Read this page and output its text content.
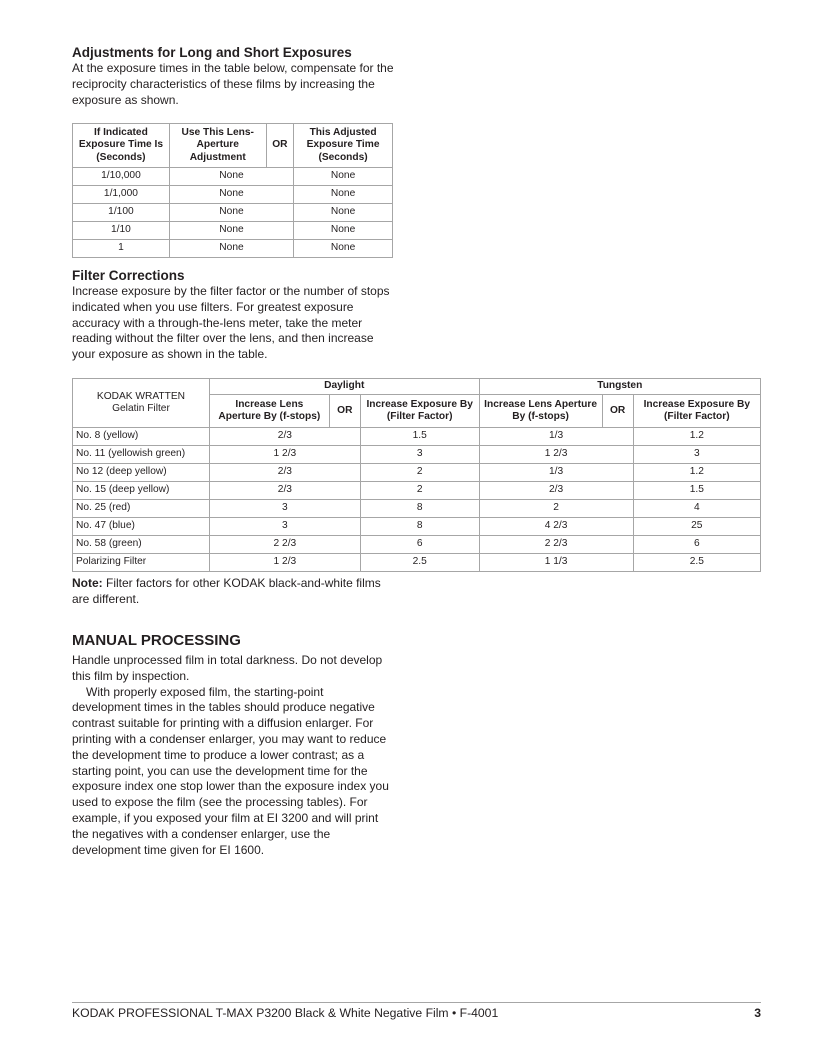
Adjustments for Long and Short Exposures

At the exposure times in the table below, compensate for the reciprocity characteristics of these films by increasing the exposure as shown.

If Indicated Exposure Time Is (Seconds)	Use This Lens-Aperture Adjustment	OR	This Adjusted Exposure Time (Seconds)
1/10,000	None		None
1/1,000	None		None
1/100	None		None
1/10	None		None
1	None		None
Filter Corrections

Increase exposure by the filter factor or the number of stops indicated when you use filters. For greatest exposure accuracy with a through-the-lens meter, take the meter reading without the filter over the lens, and then increase your exposure as shown in the table.

KODAK WRATTEN
Gelatin Filter	Daylight			Tungsten		
	Increase Lens Aperture By (f-stops)	OR	Increase Exposure By (Filter Factor)	Increase Lens Aperture By (f-stops)	OR	Increase Exposure By (Filter Factor)
No. 8 (yellow)	2/3		1.5	1/3		1.2
No. 11 (yellowish green)	1 2/3		3	1 2/3		3
No 12 (deep yellow)	2/3		2	1/3		1.2
No. 15 (deep yellow)	2/3		2	2/3		1.5
No. 25 (red)	3		8	2		4
No. 47 (blue)	3		8	4 2/3		25
No. 58 (green)	2 2/3		6	2 2/3		6
Polarizing Filter	1 2/3		2.5	1 1/3		2.5

Note: Filter factors for other KODAK black-and-white films are different.

MANUAL PROCESSING

Handle unprocessed film in total darkness. Do not develop this film by inspection.

With properly exposed film, the starting-point development times in the tables should produce negative contrast suitable for printing with a diffusion enlarger. For printing with a condenser enlarger, you may want to reduce the development time to produce a lower contrast; as a starting point, you can use the development time for the exposure index one stop lower than the exposure index you used to expose the film (see the processing tables). For example, if you exposed your film at EI 3200 and will print the negatives with a condenser enlarger, use the development time given for EI 1600.

KODAK PROFESSIONAL T-MAX P3200 Black & White Negative Film • F-4001	3
